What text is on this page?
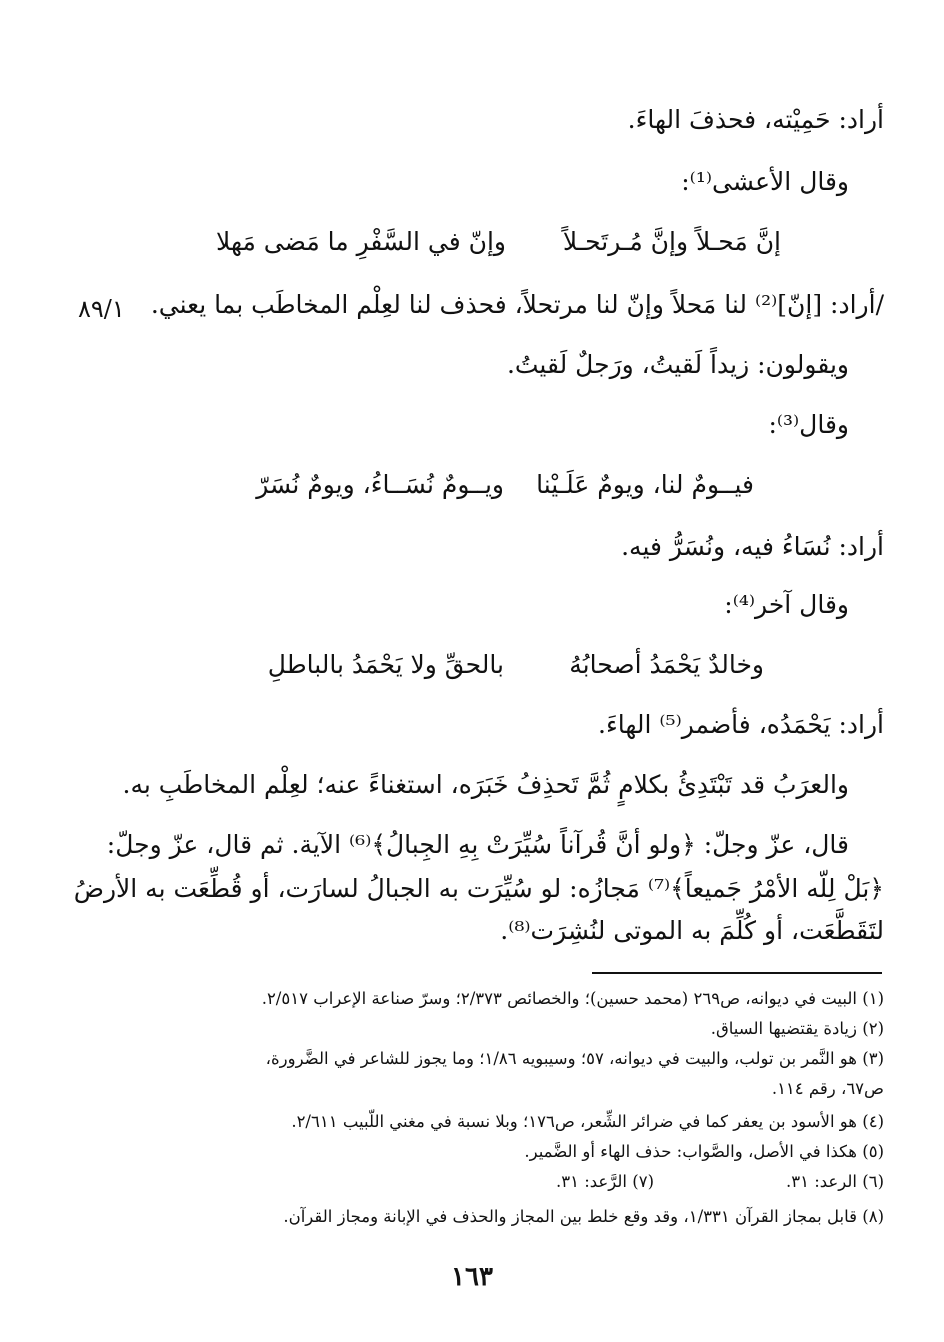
أراد: حَمِيْته، فحذفَ الهاءَ.
وقال الأعشى⁽¹⁾:
إنَّ مَحـلاً وإنَّ مُـرتَحـلاً
وإنّ في السَّفْرِ ما مَضى مَهلا
٨٩/١ /أراد: [إنّ]⁽²⁾ لنا مَحلاً وإنّ لنا مرتحلاً، فحذف لنا لعِلْم المخاطَب بما يعني.
ويقولون: زيداً لَقيتُ، ورَجلٌ لَقيتُ.
وقال⁽³⁾:
فيــومٌ لنا، ويومٌ عَلَـيْنا
ويــومٌ نُسَــاءُ، ويومٌ نُسَرّ
أراد: نُسَاءُ فيه، ونُسَرُّ فيه.
وقال آخر⁽⁴⁾:
وخالدٌ يَحْمَدُ أصحابُهُ
بالحقِّ ولا يَحْمَدُ بالباطلِ
أراد: يَحْمَدُه، فأضمر⁽⁵⁾ الهاءَ.
والعرَبُ قد تَبْتَدِئُ بكلامٍ ثُمَّ تَحذِفُ خَبَرَه، استغناءً عنه؛ لعِلْم المخاطَبِ به.
قال، عزّ وجلّ: ﴿ولو أنَّ قُرآناً سُيِّرَتْ بِهِ الجِبالُ﴾⁽⁶⁾ الآية. ثم قال، عزّ وجلّ:
﴿بَلْ لِلّه الأمْرُ جَميعاً﴾⁽⁷⁾ مَجازُه: لو سُيِّرَت به الجبالُ لسارَت، أو قُطِّعَت به الأرضُ
لتَقَطَّعَت، أو كُلِّمَ به الموتى لنُشِرَت⁽⁸⁾.
(١) البيت في ديوانه، ص٢٦٩ (محمد حسين)؛ والخصائص ٢/٣٧٣؛ وسرّ صناعة الإعراب ٢/٥١٧.
(٢) زيادة يقتضيها السياق.
(٣) هو النَّمر بن تولب، والبيت في ديوانه، ٥٧؛ وسيبويه ١/٨٦؛ وما يجوز للشاعر في الضَّرورة،
ص٦٧، رقم ١١٤.
(٤) هو الأسود بن يعفر كما في ضرائر الشِّعر، ص١٧٦؛ وبلا نسبة في مغني اللّبيب ٢/٦١١.
(٥) هكذا في الأصل، والصَّواب: حذف الهاء أو الضَّمير.
(٦) الرعد: ٣١.
(٧) الرَّعد: ٣١.
(٨) قابل بمجاز القرآن ١/٣٣١، وقد وقع خلط بين المجاز والحذف في الإبانة ومجاز القرآن.
١٦٣
